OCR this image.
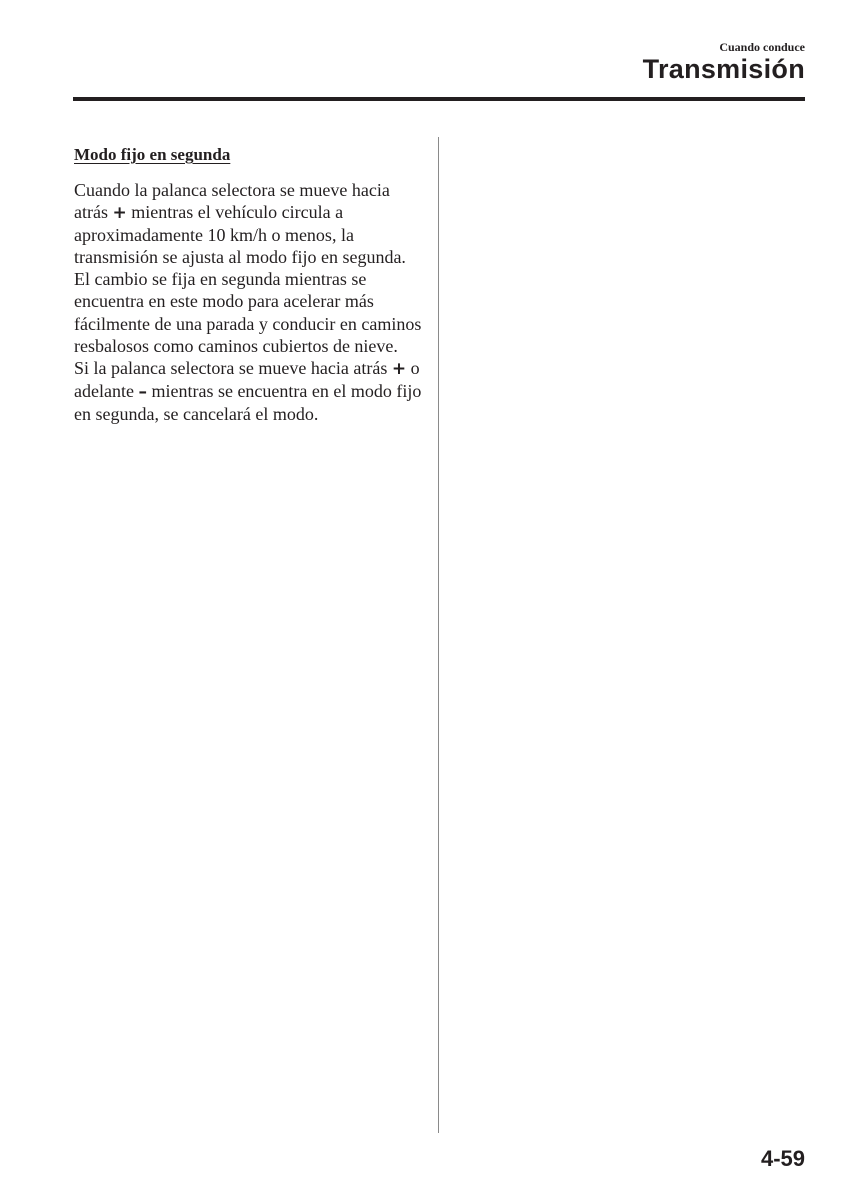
Cuando conduce
Transmisión
Modo fijo en segunda

Cuando la palanca selectora se mueve hacia atrás + mientras el vehículo circula a aproximadamente 10 km/h o menos, la transmisión se ajusta al modo fijo en segunda. El cambio se fija en segunda mientras se encuentra en este modo para acelerar más fácilmente de una parada y conducir en caminos resbalosos como caminos cubiertos de nieve.

Si la palanca selectora se mueve hacia atrás + o adelante – mientras se encuentra en el modo fijo en segunda, se cancelará el modo.

4-59
